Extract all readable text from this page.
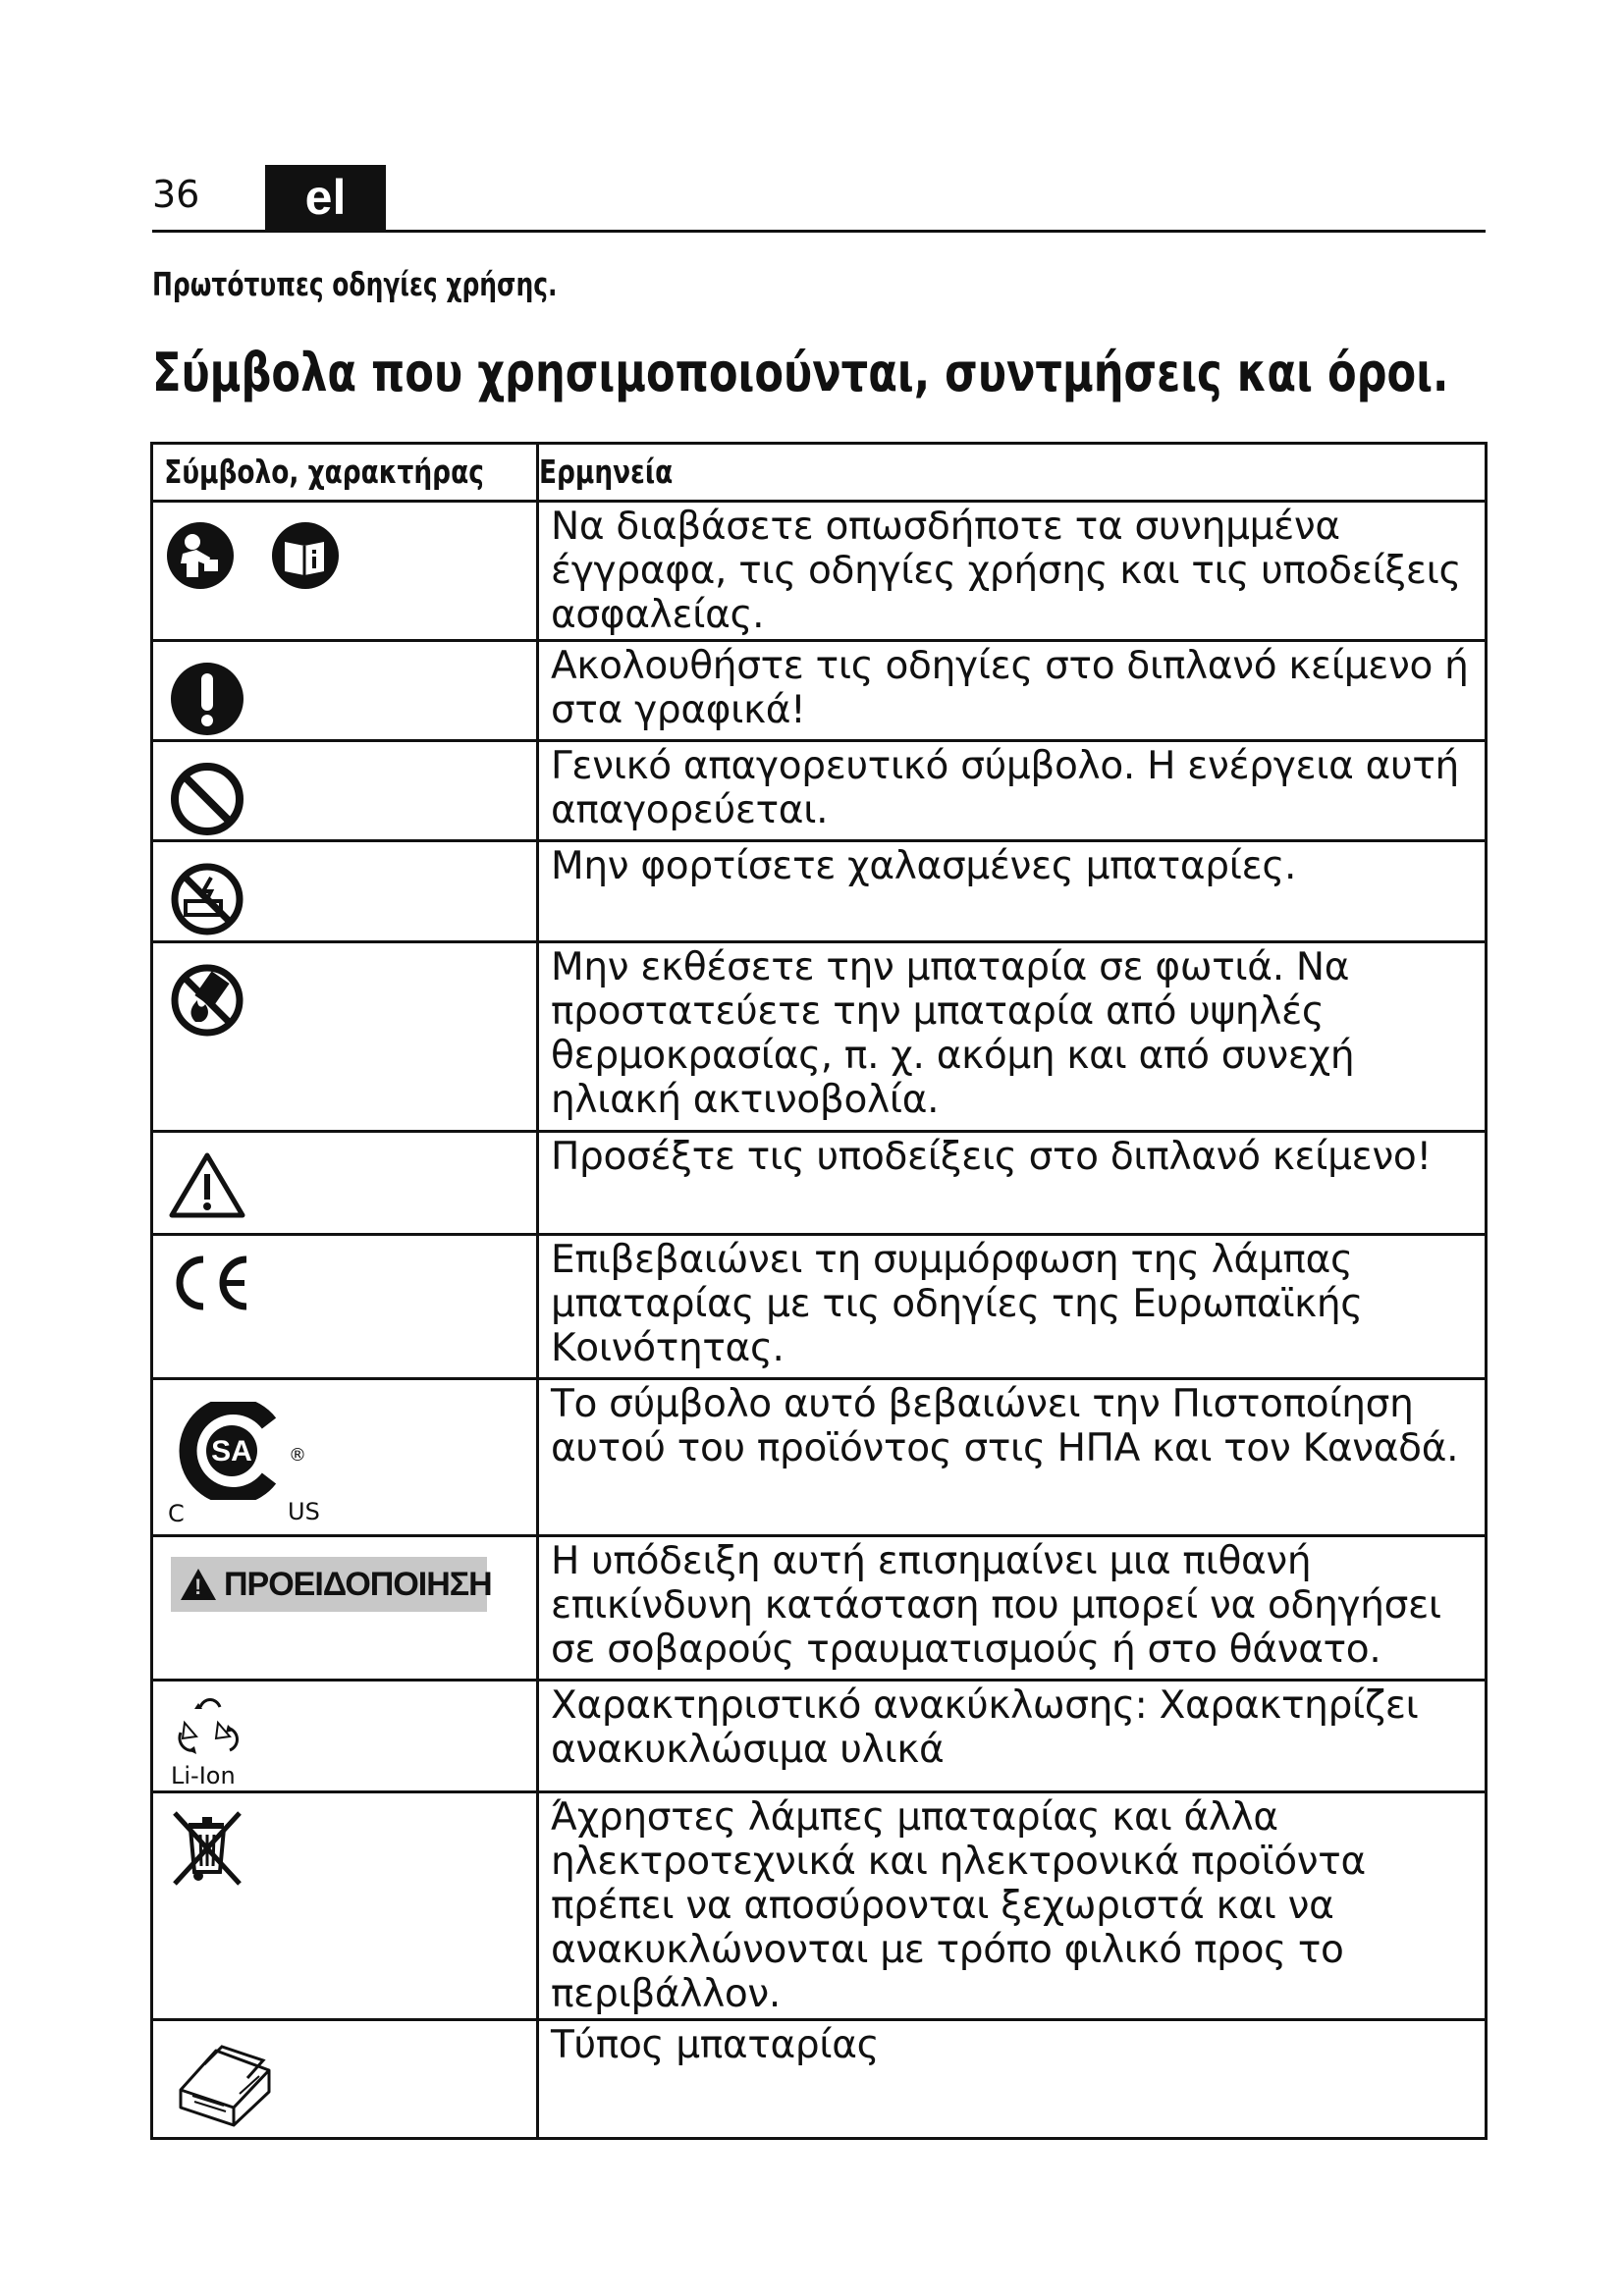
36	el
Πρωτότυπες οδηγίες χρήσης.
Σύμβολα που χρησιμοποιούνται, συντμήσεις και όροι.
Σύμβολο, χαρακτήρας	Ερμηνεία

	Να διαβάσετε οπωσδήποτε τα συνημμένα έγγραφα, τις οδηγίες χρήσης και τις υποδείξεις ασφαλείας.

	Ακολουθήστε τις οδηγίες στο διπλανό κείμενο ή στα γραφικά!

	Γενικό απαγορευτικό σύμβολο. Η ενέργεια αυτή απαγορεύεται.

	Μην φορτίσετε χαλασμένες μπαταρίες.

	Μην εκθέσετε την μπαταρία σε φωτιά. Να προστατεύετε την μπαταρία από υψηλές θερμοκρασίας, π. χ. ακόμη και από συνεχή ηλιακή ακτινοβολία.

	Προσέξτε τις υποδείξεις στο διπλανό κείμενο!

	Επιβεβαιώνει τη συμμόρφωση της λάμπας μπαταρίας με τις οδηγίες της Ευρωπαϊκής Κοινότητας.

SA ®
C US	Το σύμβολο αυτό βεβαιώνει την Πιστοποίηση αυτού του προϊόντος στις ΗΠΑ και τον Καναδά.

!
ΠΡΟΕΙΔΟΠΟΙΗΣΗ	Η υπόδειξη αυτή επισημαίνει μια πιθανή επικίνδυνη κατάσταση που μπορεί να οδηγήσει σε σοβαρούς τραυματισμούς ή στο θάνατο.

Li-Ion	Χαρακτηριστικό ανακύκλωσης: Χαρακτηρίζει ανακυκλώσιμα υλικά

	Άχρηστες λάμπες μπαταρίας και άλλα ηλεκτροτεχνικά και ηλεκτρονικά προϊόντα πρέπει να αποσύρονται ξεχωριστά και να ανακυκλώνονται με τρόπο φιλικό προς το περιβάλλον.

	Τύπος μπαταρίας
